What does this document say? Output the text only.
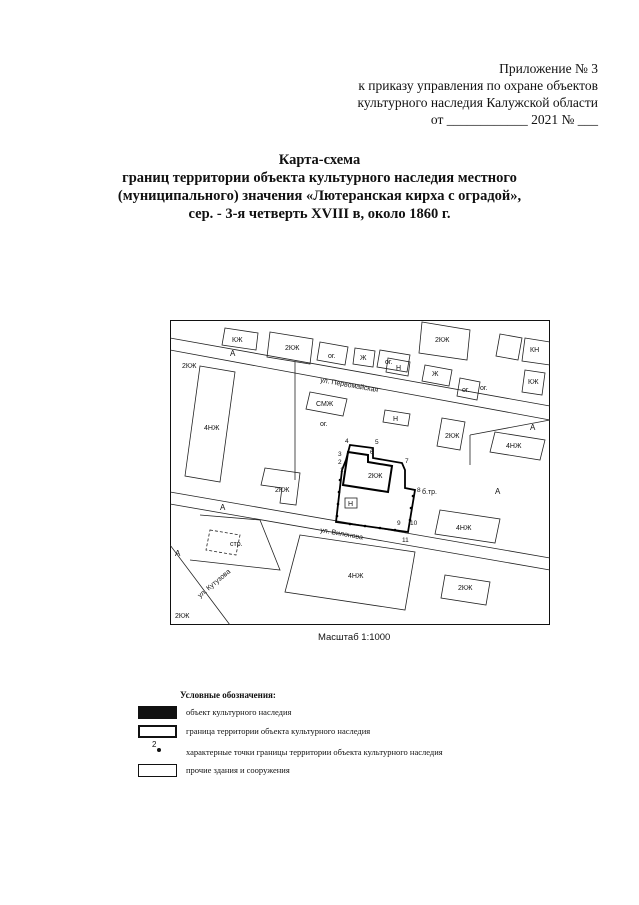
Приложение № 3
к приказу управления по охране объектов
культурного наследия Калужской области
от ____________ 2021 № ___
Карта-схема
границ территории объекта культурного наследия местного
(муниципального) значения «Лютеранская кирха с оградой»,
сер. - 3-я четверть XVIII в, около 1860 г.
ул. Первомайская
ул. Вилонова
ул. Кутузова
КЖ
2КЖ
ог.	Ж
ог.
2КЖ
КН
Н
Ж
ог.
КЖ
2КЖ
4НЖ
СМЖ
Н
ог.
2КЖ
4НЖ
2КЖ
2КЖ
Н
4НЖ
4НЖ
2КЖ
2КЖ
стр.
б.тр.
ог.
А
А
А
А
А
1
2
3
4	5
6
7
8
9 10
11
Масштаб 1:1000
Условные обозначения:
объект культурного наследия
граница территории объекта культурного наследия
2
характерные точки границы территории объекта культурного наследия
прочие здания и сооружения
